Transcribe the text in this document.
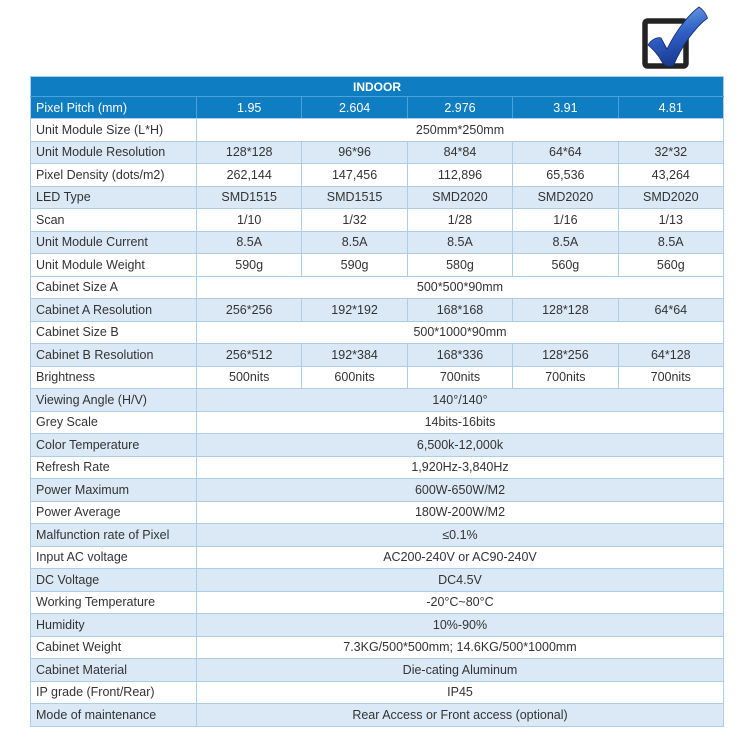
INDOOR					
Pixel Pitch (mm)	1.95	2.604	2.976	3.91	4.81
Unit Module Size (L*H)	250mm*250mm				
Unit Module Resolution	128*128	96*96	84*84	64*64	32*32
Pixel Density (dots/m2)	262,144	147,456	112,896	65,536	43,264
LED Type	SMD1515	SMD1515	SMD2020	SMD2020	SMD2020
Scan	1/10	1/32	1/28	1/16	1/13
Unit Module Current	8.5A	8.5A	8.5A	8.5A	8.5A
Unit Module Weight	590g	590g	580g	560g	560g
Cabinet Size A	500*500*90mm				
Cabinet A Resolution	256*256	192*192	168*168	128*128	64*64
Cabinet Size B	500*1000*90mm				
Cabinet B Resolution	256*512	192*384	168*336	128*256	64*128
Brightness	500nits	600nits	700nits	700nits	700nits
Viewing Angle (H/V)	140°/140°				
Grey Scale	14bits-16bits				
Color Temperature	6,500k-12,000k				
Refresh Rate	1,920Hz-3,840Hz				
Power Maximum	600W-650W/M2				
Power Average	180W-200W/M2				
Malfunction rate of Pixel	≤0.1%				
Input AC voltage	AC200-240V or AC90-240V				
DC Voltage	DC4.5V				
Working Temperature	-20°C~80°C				
Humidity	10%-90%				
Cabinet Weight	7.3KG/500*500mm; 14.6KG/500*1000mm				
Cabinet Material	Die-cating Aluminum				
IP grade (Front/Rear)	IP45				
Mode of maintenance	Rear Access or Front access (optional)				
